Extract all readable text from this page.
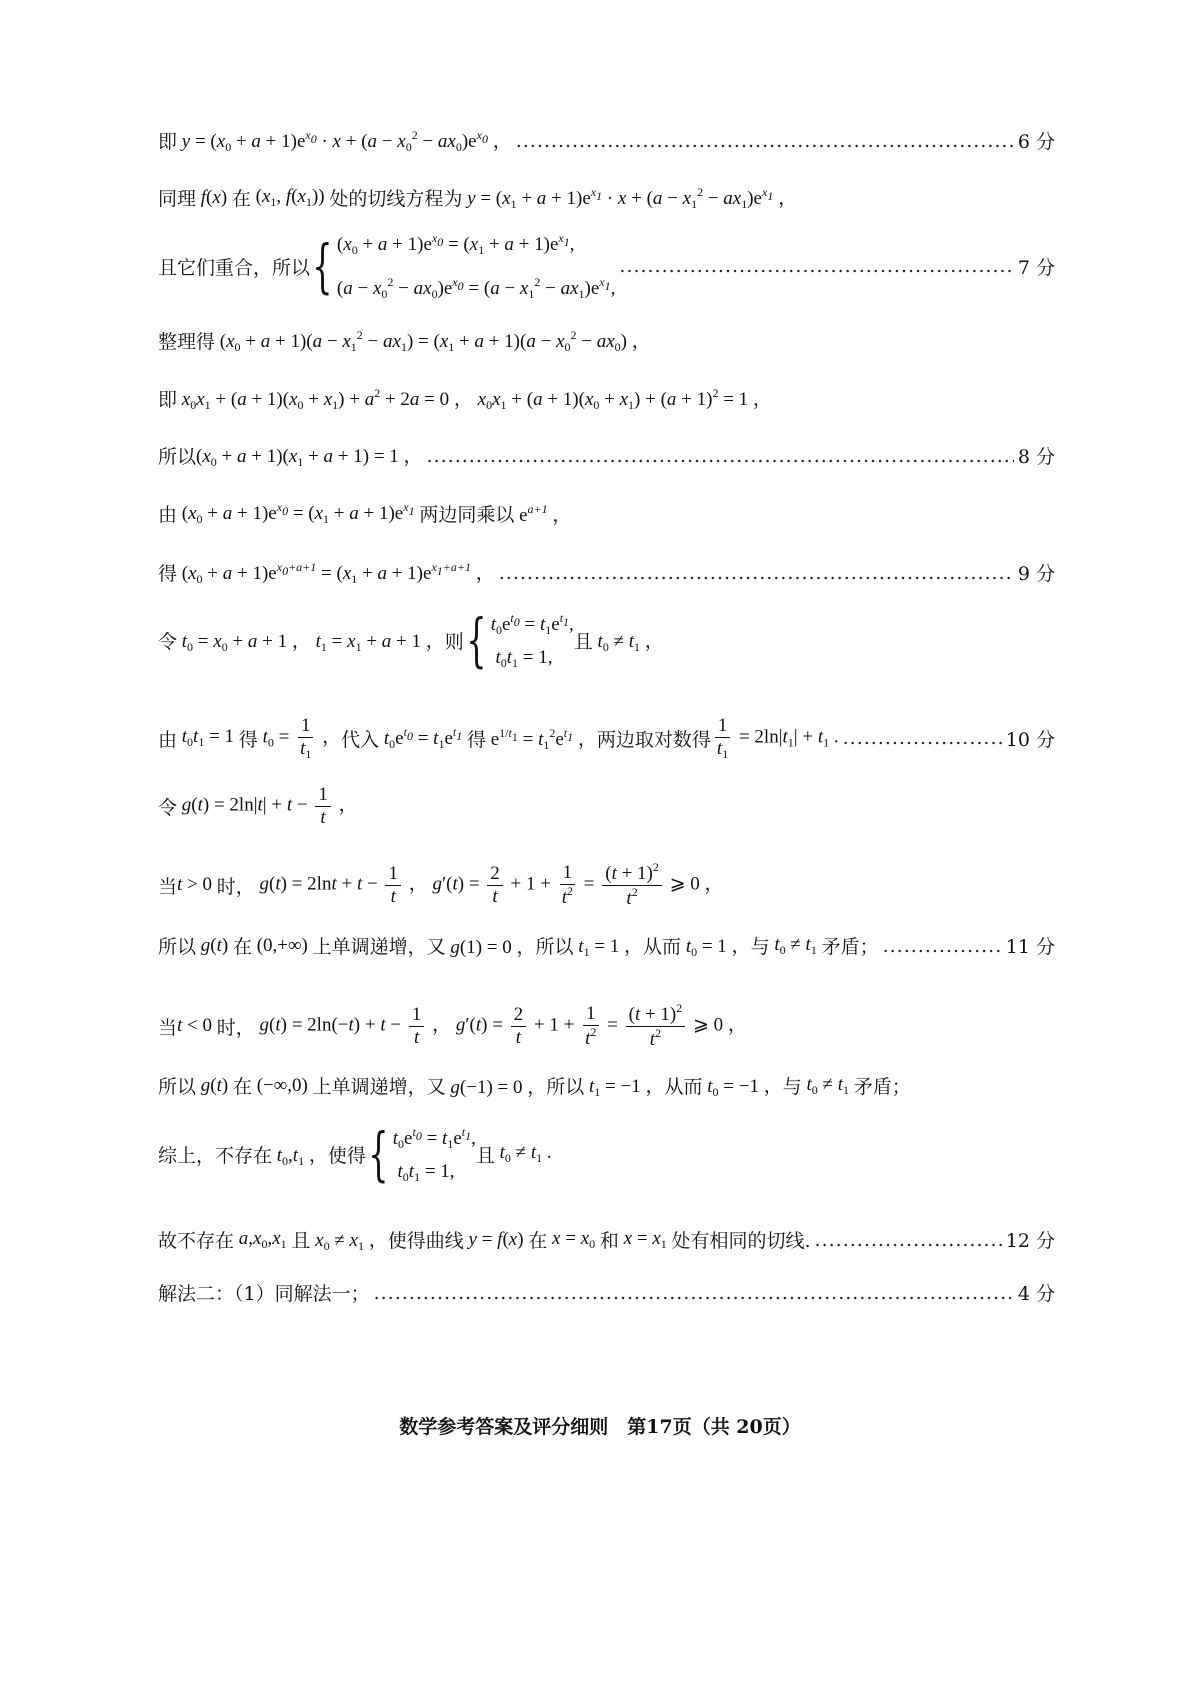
即 $y = (x_0 + a + 1)e^{x_0} \cdot x + (a - x_0^2 - ax_0)e^{x_0}$ ， .....	6 分
同理 f(x) 在 ($x_1$, $f(x_1)$) 处的切线方程为 $y = (x_1 + a + 1)e^{x_1} \cdot x + (a - x_1^2 - ax_1)e^{x_1}$ ，
且它们重合，所以 { $(x_0 + a + 1)e^{x_0} = (x_1 + a + 1)e^{x_1}$,
$(a - x_0^2 - ax_0)e^{x_0} = (a - x_1^2 - ax_1)e^{x_1}$,
.....
7 分
整理得 $(x_0 + a + 1)(a - x_1^2 - ax_1) = (x_1 + a + 1)(a - x_0^2 - ax_0)$ ，
即 $x_0x_1 + (a + 1)(x_0 + x_1) + a^2 + 2a = 0$ ， $x_0x_1 + (a + 1)(x_0 + x_1) + (a + 1)^2 = 1$ ，
所以 $(x_0 + a + 1)(x_1 + a + 1) = 1$ ， .....	8 分
由 $(x_0 + a + 1)e^{x_0} = (x_1 + a + 1)e^{x_1}$ 两边同乘以 $e^{a+1}$ ，
得 $(x_0 + a + 1)e^{x_0+a+1} = (x_1 + a + 1)e^{x_1+a+1}$ ， .....	9 分
令 $t_0 = x_0 + a + 1$ ， $t_1 = x_1 + a + 1$ ， 则 { $t_0e^{t_0} = t_1e^{t_1}$,
$t_0t_1 = 1$,
且 $t_0 \ne t_1$ ，
由 $t_0t_1 = 1$ 得 $t_0 = \frac{1}{t_1}$ ， 代入 $t_0e^{t_0} = t_1e^{t_1}$ 得 $e^{1/t_1} = t_1^2e^{t_1}$ ， 两边取对数得 $\frac{1}{t_1} = 2\ln|t_1| + t_1$ . .....	10 分
令 $g(t) = 2\ln|t| + t - \frac{1}{t}$ ，
当 t > 0 时， $g(t) = 2\ln t + t - \frac{1}{t}$ ， $g'(t) = \frac{2}{t} + 1 + \frac{1}{t^2} = \frac{(t + 1)^2}{t^2}$ ⩾ 0 ，
所以 g(t) 在 (0,+∞) 上单调递增，又 g(1) = 0 ， 所以 $t_1 = 1$ ， 从而 $t_0 = 1$ ， 与 $t_0 \ne t_1$ 矛盾； .....	11 分
当 t < 0 时， $g(t) = 2\ln(-t) + t - \frac{1}{t}$ ， $g'(t) = \frac{2}{t} + 1 + \frac{1}{t^2} = \frac{(t + 1)^2}{t^2}$ ⩾ 0 ，
所以 g(t) 在 (−∞,0) 上单调递增，又 g(−1) = 0 ， 所以 $t_1 = -1$ ， 从而 $t_0 = -1$ ， 与 $t_0 \ne t_1$ 矛盾；
综上，不存在 $t_0,t_1$ ， 使得 { $t_0e^{t_0} = t_1e^{t_1}$,
$t_0t_1 = 1$,
且 $t_0 \ne t_1$ .
故不存在 $a,x_0,x_1$ 且 $x_0 \ne x_1$ ， 使得曲线 y = f(x) 在 $x = x_0$ 和 $x = x_1$ 处有相同的切线. .....	12 分
解法二：（1）同解法一； .....	4 分
数学参考答案及评分细则　第17页（共 20页）
